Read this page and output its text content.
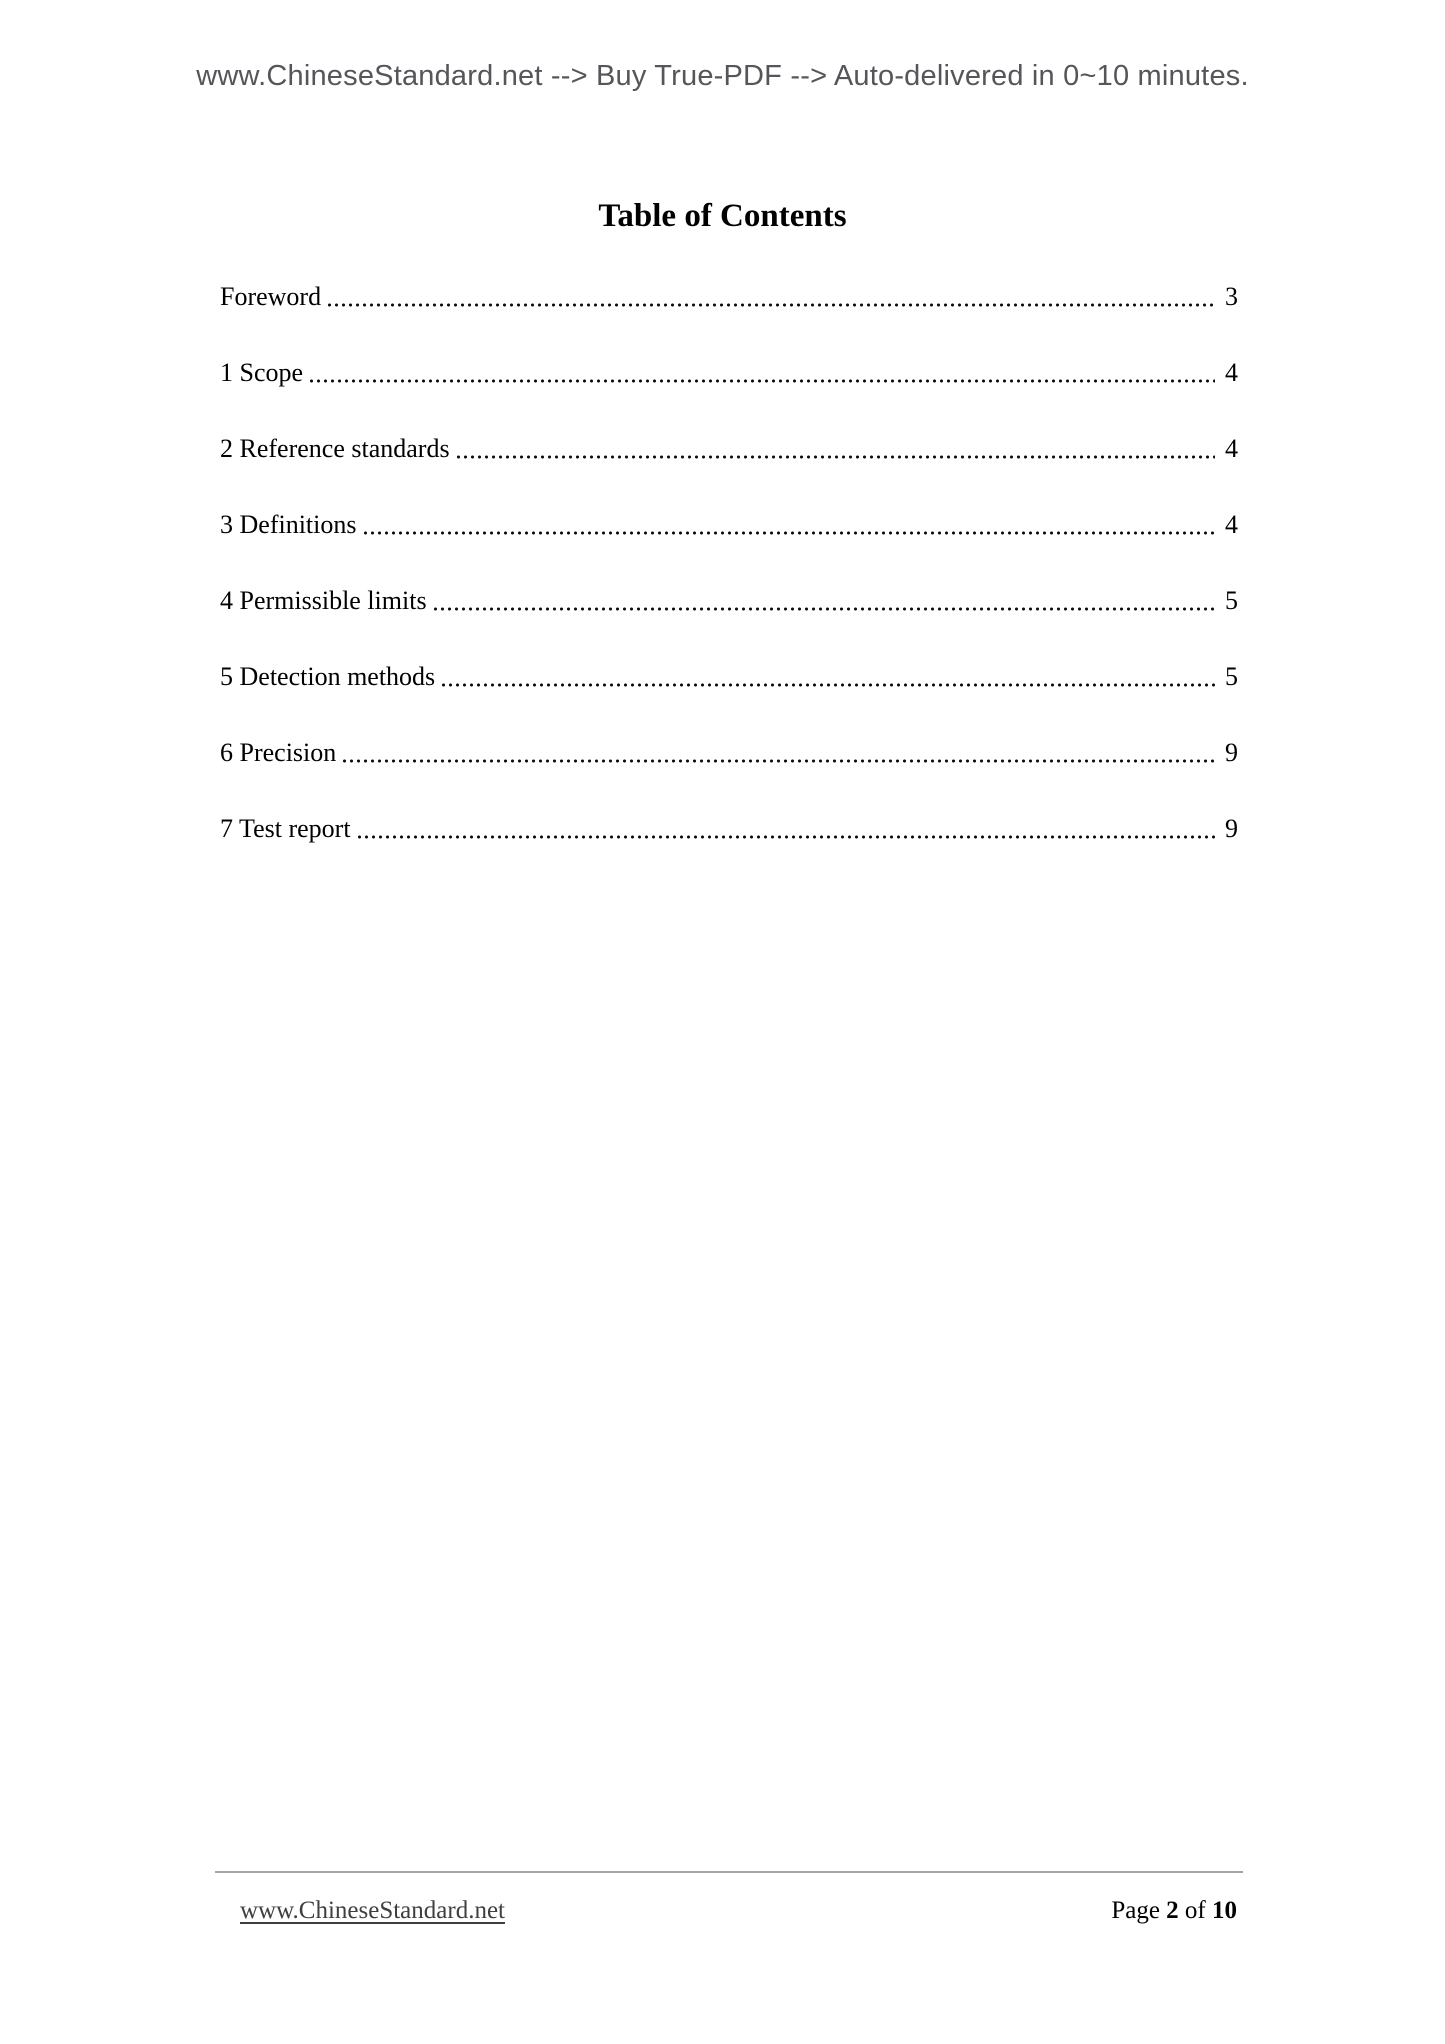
www.ChineseStandard.net --> Buy True-PDF --> Auto-delivered in 0~10 minutes.
Table of Contents
Foreword	3
1 Scope	4
2 Reference standards	4
3 Definitions	4
4 Permissible limits	5
5 Detection methods	5
6 Precision	9
7 Test report	9
www.ChineseStandard.net	Page 2 of 10
